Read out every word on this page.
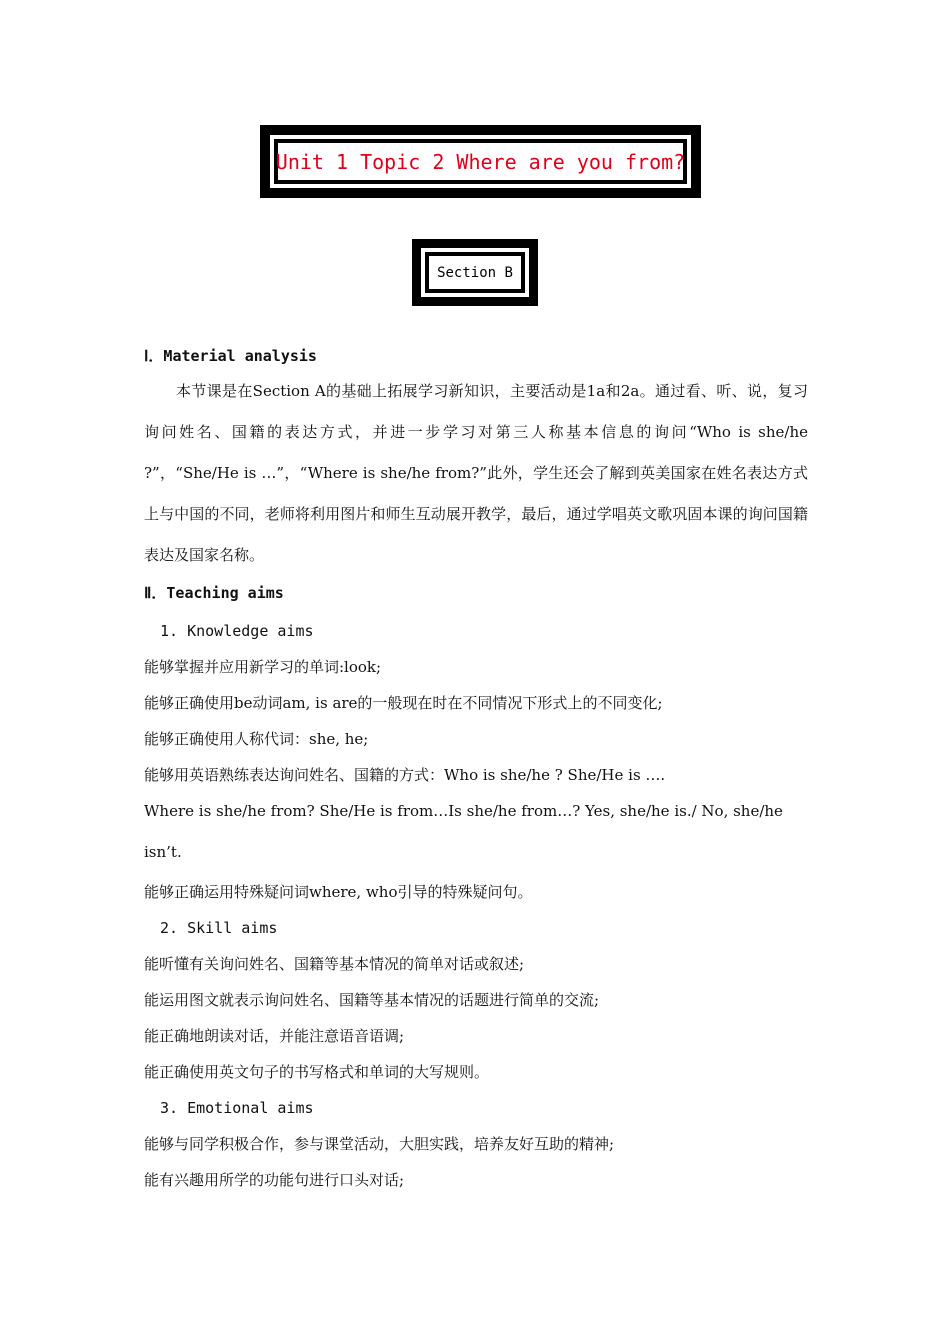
Unit 1 Topic 2 Where are you from?
Section B
Ⅰ．Material analysis

本节课是在Section A的基础上拓展学习新知识，主要活动是1a和2a。通过看、听、说，复习询问姓名、国籍的表达方式，并进一步学习对第三人称基本信息的询问“Who is she/he ?”，“She/He is …”，“Where is she/he from?”此外，学生还会了解到英美国家在姓名表达方式上与中国的不同，老师将利用图片和师生互动展开教学，最后，通过学唱英文歌巩固本课的询问国籍表达及国家名称。

Ⅱ．Teaching aims
1. Knowledge aims
能够掌握并应用新学习的单词:look;
能够正确使用be动词am, is are的一般现在时在不同情况下形式上的不同变化;
能够正确使用人称代词：she, he;
能够用英语熟练表达询问姓名、国籍的方式：Who is she/he ? She/He is ….
Where is she/he from? She/He is from…Is she/he from…? Yes, she/he is./ No, she/he isn’t.
能够正确运用特殊疑问词where, who引导的特殊疑问句。
2. Skill aims
能听懂有关询问姓名、国籍等基本情况的简单对话或叙述;
能运用图文就表示询问姓名、国籍等基本情况的话题进行简单的交流;
能正确地朗读对话，并能注意语音语调;
能正确使用英文句子的书写格式和单词的大写规则。
3. Emotional aims
能够与同学积极合作，参与课堂活动，大胆实践，培养友好互助的精神;
能有兴趣用所学的功能句进行口头对话;
